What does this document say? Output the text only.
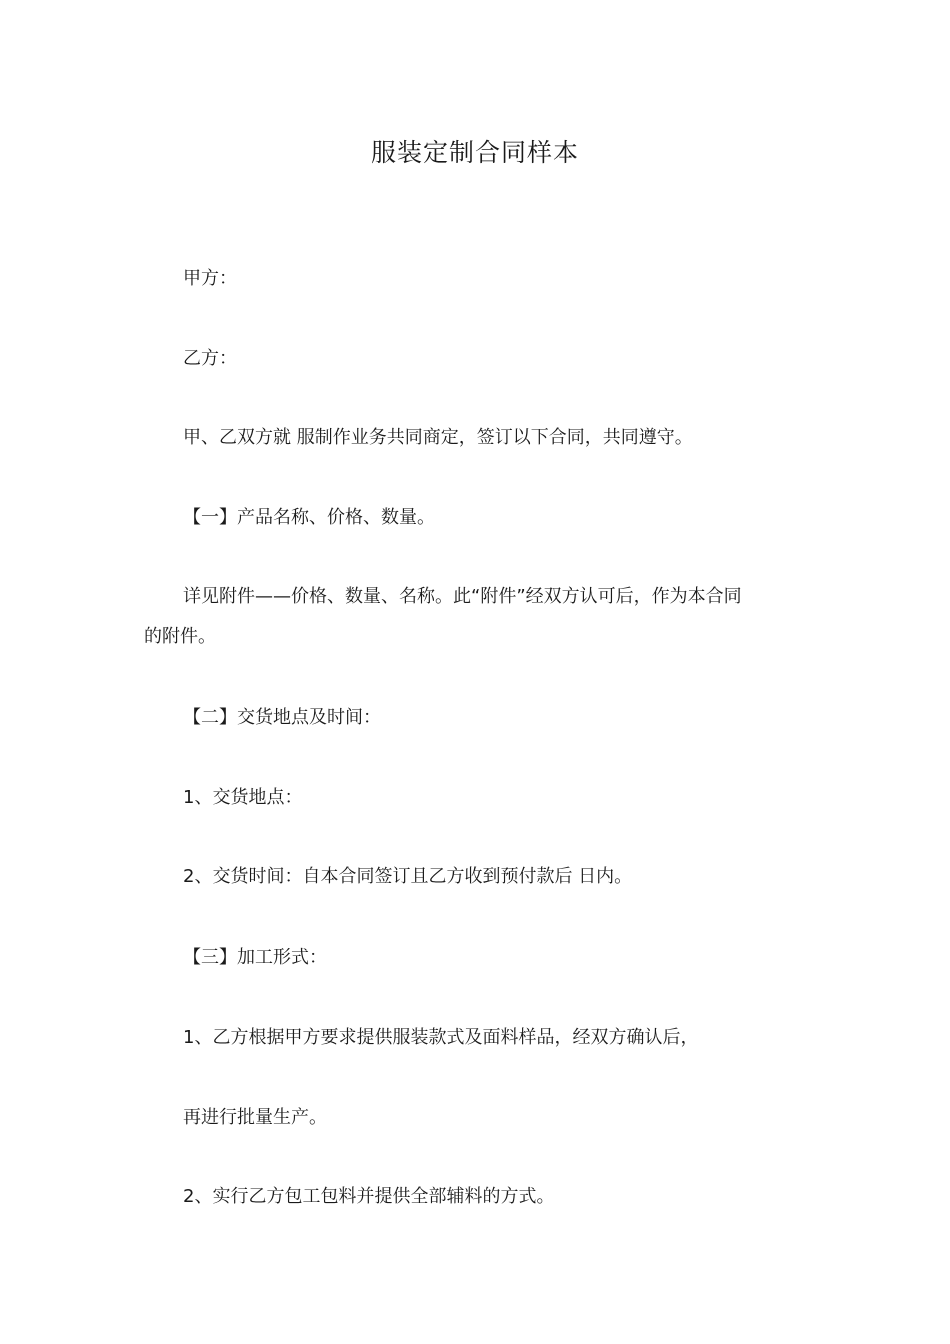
服装定制合同样本
甲方：
乙方：
甲、乙双方就 服制作业务共同商定，签订以下合同，共同遵守。
【一】产品名称、价格、数量。
详见附件——价格、数量、名称。此“附件”经双方认可后，作为本合同
的附件。
【二】交货地点及时间：
1、交货地点：
2、交货时间：自本合同签订且乙方收到预付款后 日内。
【三】加工形式：
1、乙方根据甲方要求提供服装款式及面料样品，经双方确认后，
再进行批量生产。
2、实行乙方包工包料并提供全部辅料的方式。
